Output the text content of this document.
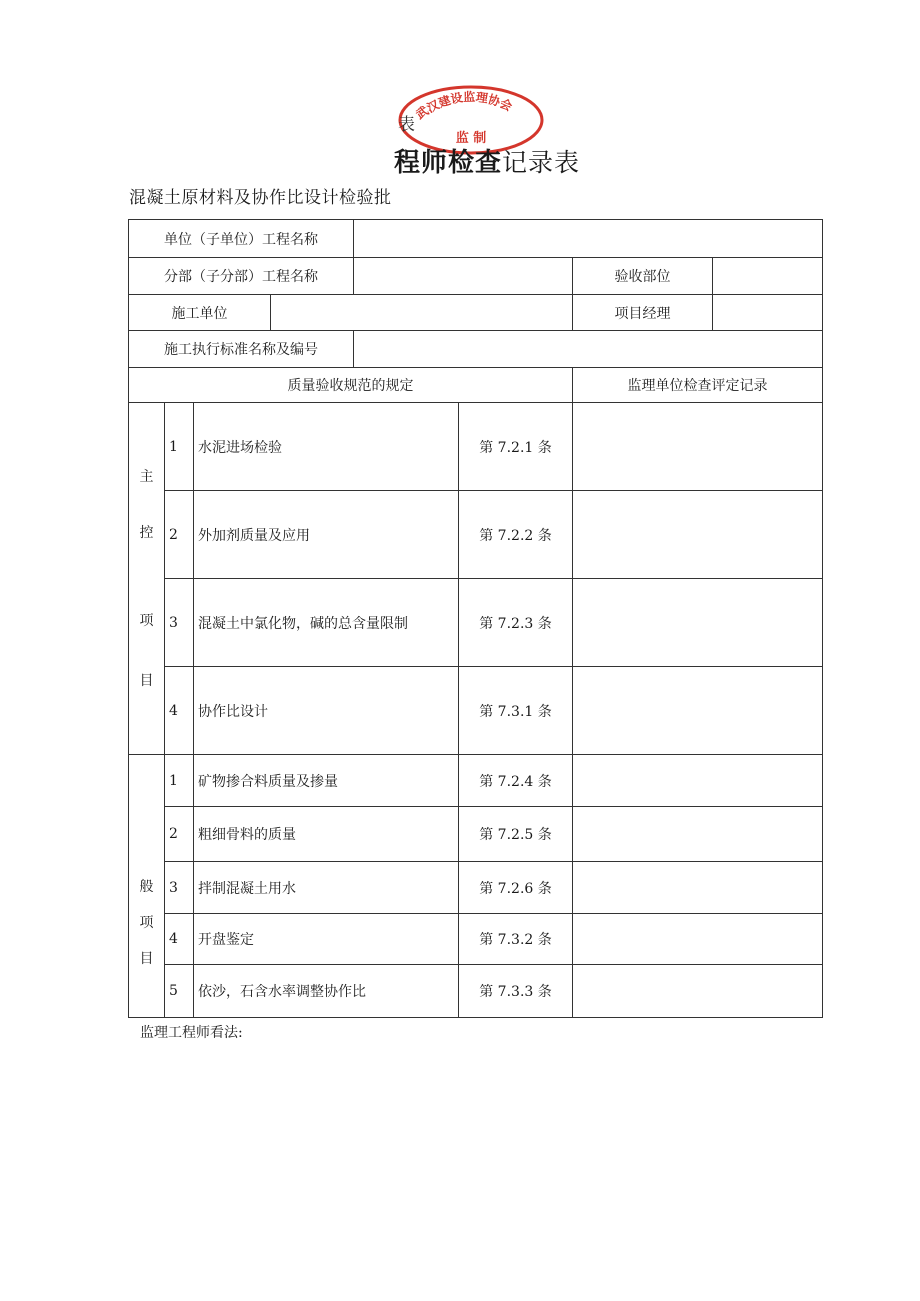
武汉建设监理协会
监 制
表
程师检查记录表
混凝土原材料及协作比设计检验批
单位（子单位）工程名称							
分部（子分部）工程名称						验收部位	
施工单位						项目经理	
施工执行标准名称及编号							
质量验收规范的规定						监理单位检查评定记录	

主
控
项
目	1	水泥进场检验			第 7.2.1 条		
	2	外加剂质量及应用			第 7.2.2 条		
	3	混凝土中氯化物，碱的总含量限制			第 7.2.3 条		
	4	协作比设计			第 7.3.1 条		

般
项
目	1	矿物掺合料质量及掺量			第 7.2.4 条		
	2	粗细骨料的质量			第 7.2.5 条		
	3	拌制混凝土用水			第 7.2.6 条		
	4	开盘鉴定			第 7.3.2 条		
	5	依沙，石含水率调整协作比			第 7.3.3 条		
监理工程师看法:
